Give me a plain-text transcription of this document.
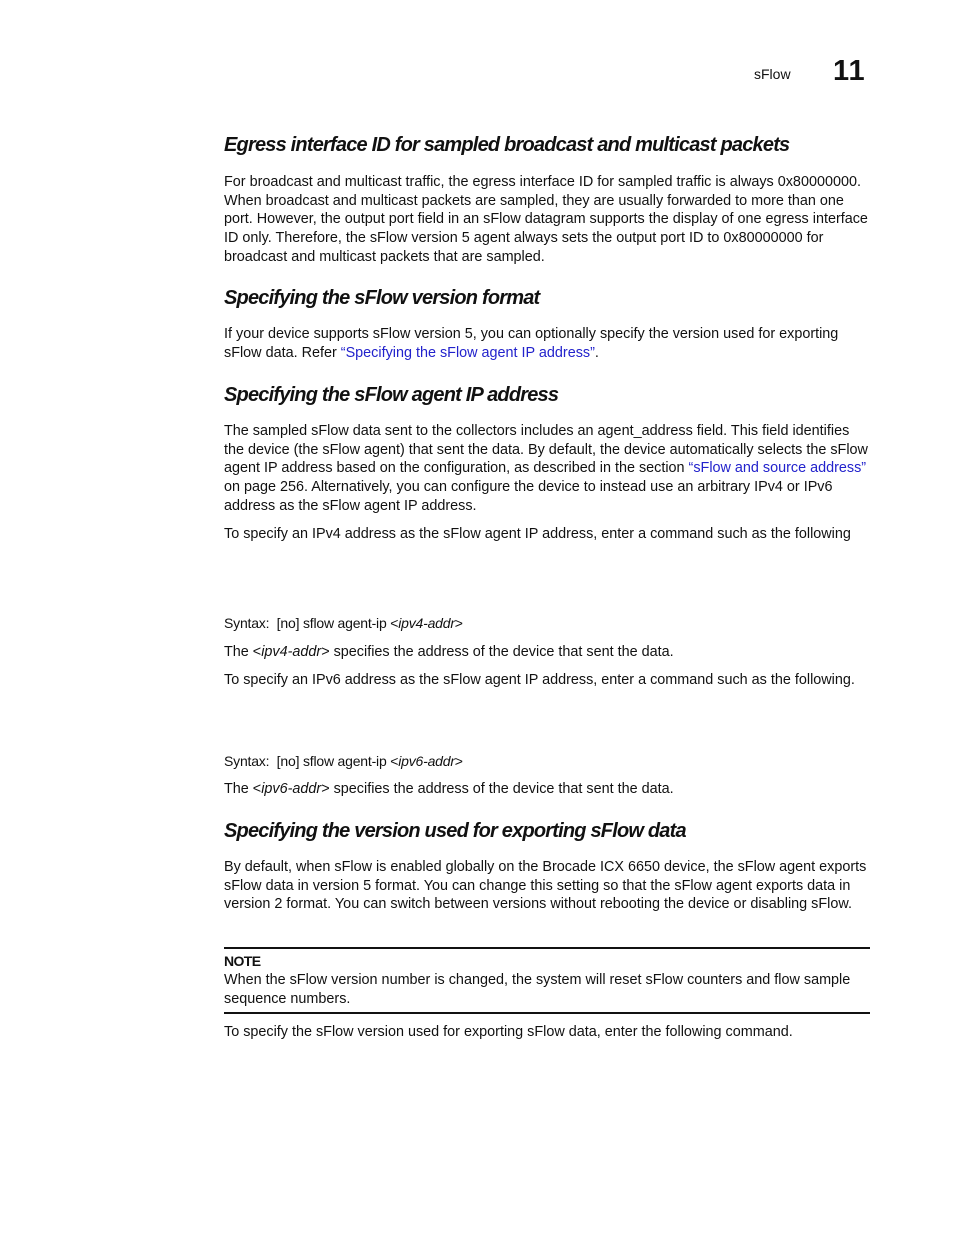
sFlow 11
Egress interface ID for sampled broadcast and multicast packets

For broadcast and multicast traffic, the egress interface ID for sampled traffic is always 0x80000000. When broadcast and multicast packets are sampled, they are usually forwarded to more than one port. However, the output port field in an sFlow datagram supports the display of one egress interface ID only. Therefore, the sFlow version 5 agent always sets the output port ID to 0x80000000 for broadcast and multicast packets that are sampled.

Specifying the sFlow version format

If your device supports sFlow version 5, you can optionally specify the version used for exporting sFlow data. Refer “Specifying the sFlow agent IP address”.

Specifying the sFlow agent IP address

The sampled sFlow data sent to the collectors includes an agent_address field. This field identifies the device (the sFlow agent) that sent the data. By default, the device automatically selects the sFlow agent IP address based on the configuration, as described in the section “sFlow and source address” on page 256. Alternatively, you can configure the device to instead use an arbitrary IPv4 or IPv6 address as the sFlow agent IP address.

To specify an IPv4 address as the sFlow agent IP address, enter a command such as the following

Syntax:  [no] sflow agent-ip <ipv4-addr>

The <ipv4-addr> specifies the address of the device that sent the data.

To specify an IPv6 address as the sFlow agent IP address, enter a command such as the following.

Syntax:  [no] sflow agent-ip <ipv6-addr>

The <ipv6-addr> specifies the address of the device that sent the data.

Specifying the version used for exporting sFlow data

By default, when sFlow is enabled globally on the Brocade ICX 6650 device, the sFlow agent exports sFlow data in version 5 format. You can change this setting so that the sFlow agent exports data in version 2 format. You can switch between versions without rebooting the device or disabling sFlow.

NOTE

When the sFlow version number is changed, the system will reset sFlow counters and flow sample sequence numbers.

To specify the sFlow version used for exporting sFlow data, enter the following command.
